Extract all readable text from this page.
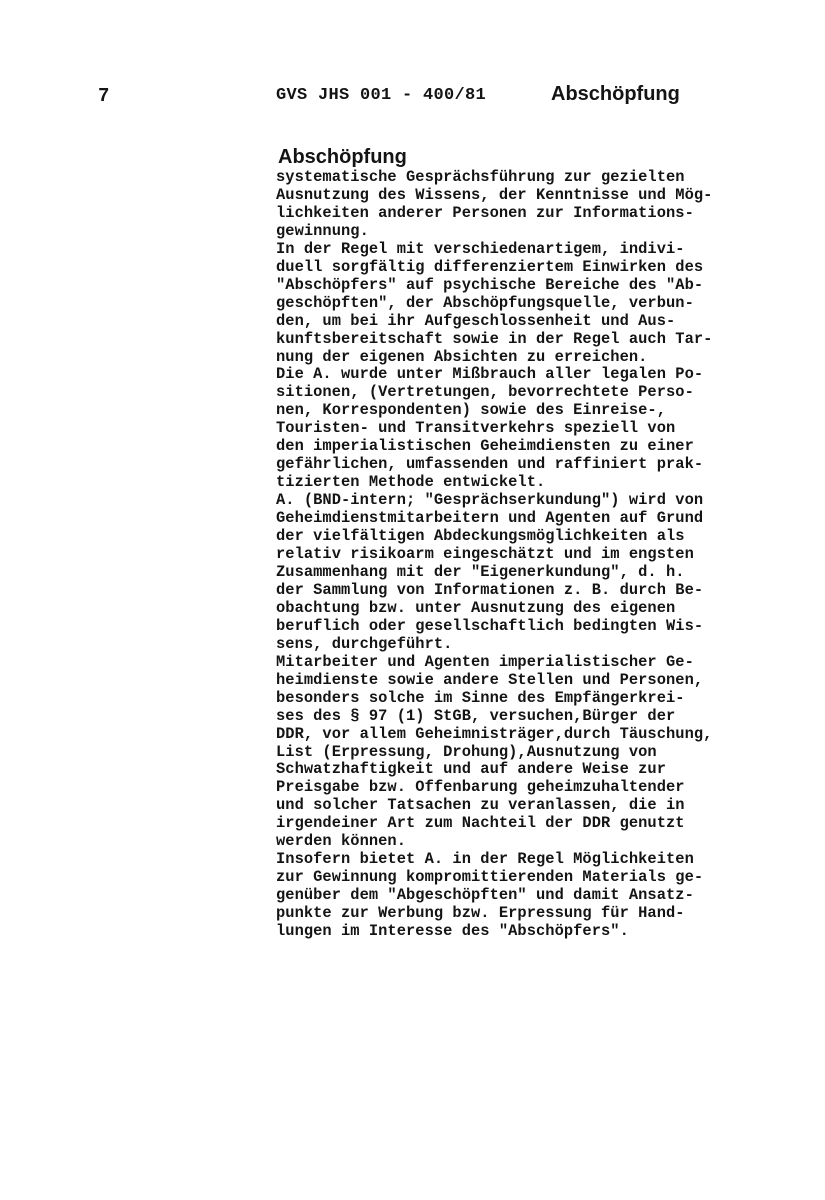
7	GVS JHS 001 - 400/81	Abschöpfung
Abschöpfung
systematische Gesprächsführung zur gezielten
Ausnutzung des Wissens, der Kenntnisse und Mög-
lichkeiten anderer Personen zur Informations-
gewinnung.
In der Regel mit verschiedenartigem, indivi-
duell sorgfältig differenziertem Einwirken des
"Abschöpfers" auf psychische Bereiche des "Ab-
geschöpften", der Abschöpfungsquelle, verbun-
den, um bei ihr Aufgeschlossenheit und Aus-
kunftsbereitschaft sowie in der Regel auch Tar-
nung der eigenen Absichten zu erreichen.
Die A. wurde unter Mißbrauch aller legalen Po-
sitionen, (Vertretungen, bevorrechtete Perso-
nen, Korrespondenten) sowie des Einreise-,
Touristen- und Transitverkehrs speziell von
den imperialistischen Geheimdiensten zu einer
gefährlichen, umfassenden und raffiniert prak-
tizierten Methode entwickelt.
A. (BND-intern; "Gesprächserkundung") wird von
Geheimdienstmitarbeitern und Agenten auf Grund
der vielfältigen Abdeckungsmöglichkeiten als
relativ risikoarm eingeschätzt und im engsten
Zusammenhang mit der "Eigenerkundung", d. h.
der Sammlung von Informationen z. B. durch Be-
obachtung bzw. unter Ausnutzung des eigenen
beruflich oder gesellschaftlich bedingten Wis-
sens, durchgeführt.
Mitarbeiter und Agenten imperialistischer Ge-
heimdienste sowie andere Stellen und Personen,
besonders solche im Sinne des Empfängerkrei-
ses des § 97 (1) StGB, versuchen,Bürger der
DDR, vor allem Geheimnisträger,durch Täuschung,
List (Erpressung, Drohung),Ausnutzung von
Schwatzhaftigkeit und auf andere Weise zur
Preisgabe bzw. Offenbarung geheimzuhaltender
und solcher Tatsachen zu veranlassen, die in
irgendeiner Art zum Nachteil der DDR genutzt
werden können.
Insofern bietet A. in der Regel Möglichkeiten
zur Gewinnung kompromittierenden Materials ge-
genüber dem "Abgeschöpften" und damit Ansatz-
punkte zur Werbung bzw. Erpressung für Hand-
lungen im Interesse des "Abschöpfers".
